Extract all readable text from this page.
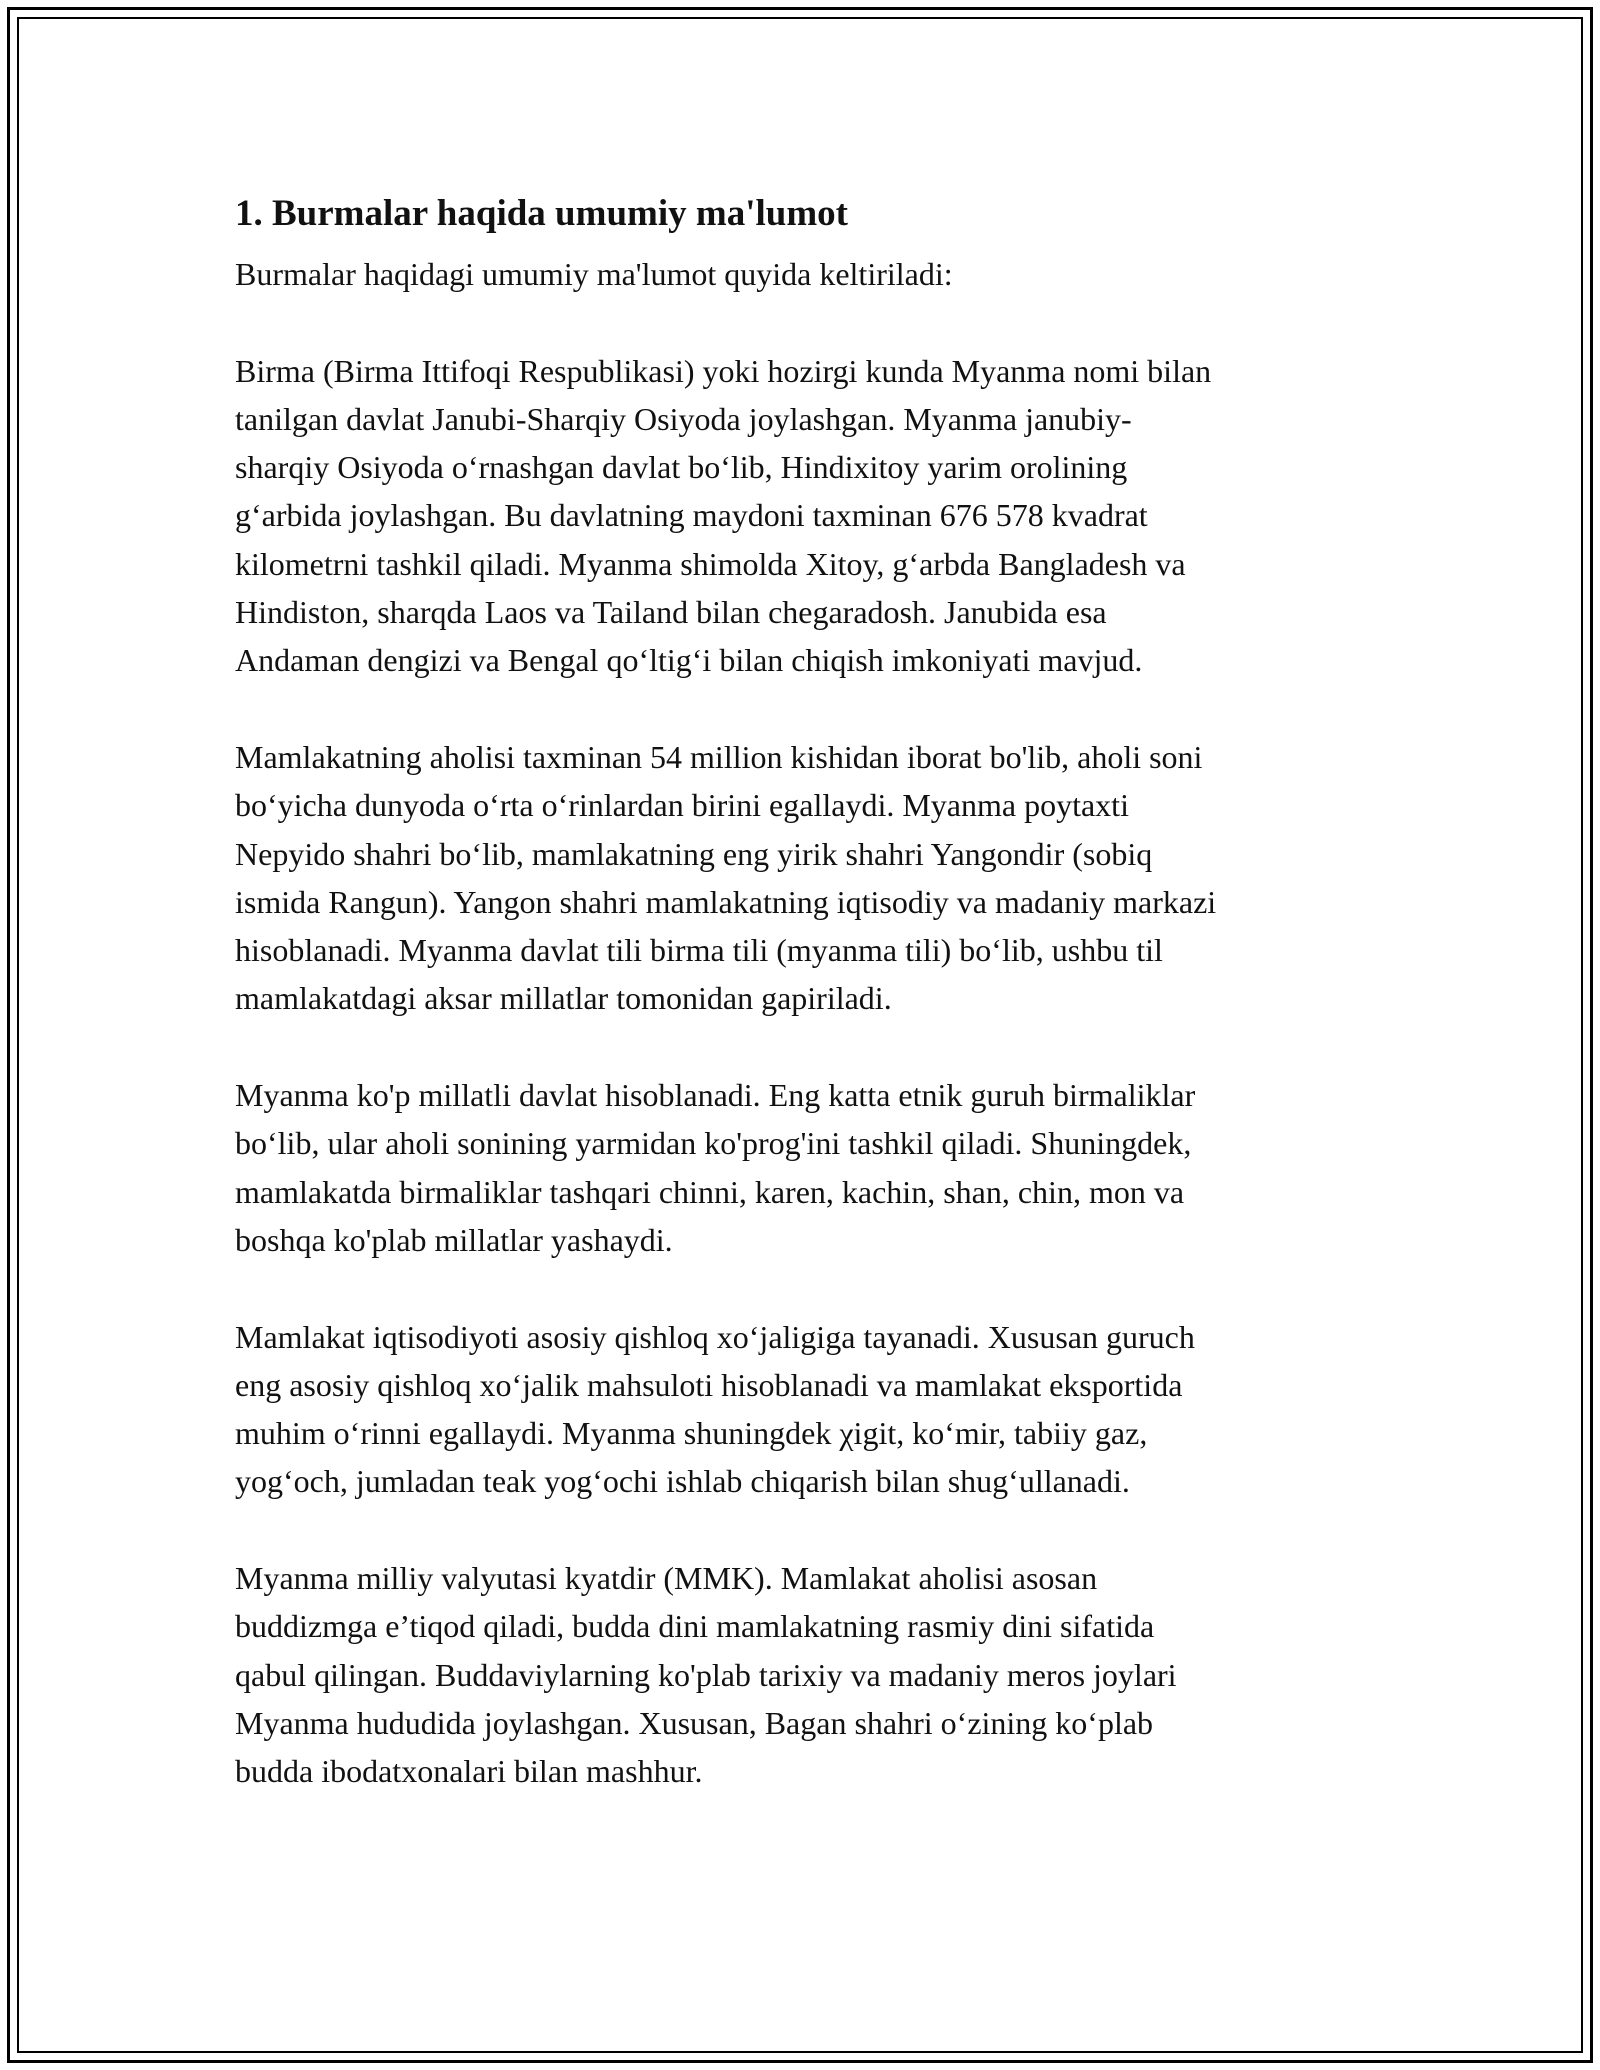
1. Burmalar haqida umumiy ma'lumot

Burmalar haqidagi umumiy ma'lumot quyida keltiriladi:

Birma (Birma Ittifoqi Respublikasi) yoki hozirgi kunda Myanma nomi bilan
tanilgan davlat Janubi-Sharqiy Osiyoda joylashgan. Myanma janubiy-
sharqiy Osiyoda o‘rnashgan davlat bo‘lib, Hindixitoy yarim orolining
g‘arbida joylashgan. Bu davlatning maydoni taxminan 676 578 kvadrat
kilometrni tashkil qiladi. Myanma shimolda Xitoy, g‘arbda Bangladesh va
Hindiston, sharqda Laos va Tailand bilan chegaradosh. Janubida esa
Andaman dengizi va Bengal qo‘ltig‘i bilan chiqish imkoniyati mavjud.

Mamlakatning aholisi taxminan 54 million kishidan iborat bo'lib, aholi soni
bo‘yicha dunyoda o‘rta o‘rinlardan birini egallaydi. Myanma poytaxti
Nepyido shahri bo‘lib, mamlakatning eng yirik shahri Yangondir (sobiq
ismida Rangun). Yangon shahri mamlakatning iqtisodiy va madaniy markazi
hisoblanadi. Myanma davlat tili birma tili (myanma tili) bo‘lib, ushbu til
mamlakatdagi aksar millatlar tomonidan gapiriladi.

Myanma ko'p millatli davlat hisoblanadi. Eng katta etnik guruh birmaliklar
bo‘lib, ular aholi sonining yarmidan ko'prog'ini tashkil qiladi. Shuningdek,
mamlakatda birmaliklar tashqari chinni, karen, kachin, shan, chin, mon va
boshqa ko'plab millatlar yashaydi.

Mamlakat iqtisodiyoti asosiy qishloq xo‘jaligiga tayanadi. Xususan guruch
eng asosiy qishloq xo‘jalik mahsuloti hisoblanadi va mamlakat eksportida
muhim o‘rinni egallaydi. Myanma shuningdek χigit, ko‘mir, tabiiy gaz,
yog‘och, jumladan teak yog‘ochi ishlab chiqarish bilan shug‘ullanadi.

Myanma milliy valyutasi kyatdir (MMK). Mamlakat aholisi asosan
buddizmga e’tiqod qiladi, budda dini mamlakatning rasmiy dini sifatida
qabul qilingan. Buddaviylarning ko'plab tarixiy va madaniy meros joylari
Myanma hududida joylashgan. Xususan, Bagan shahri o‘zining ko‘plab
budda ibodatxonalari bilan mashhur.
